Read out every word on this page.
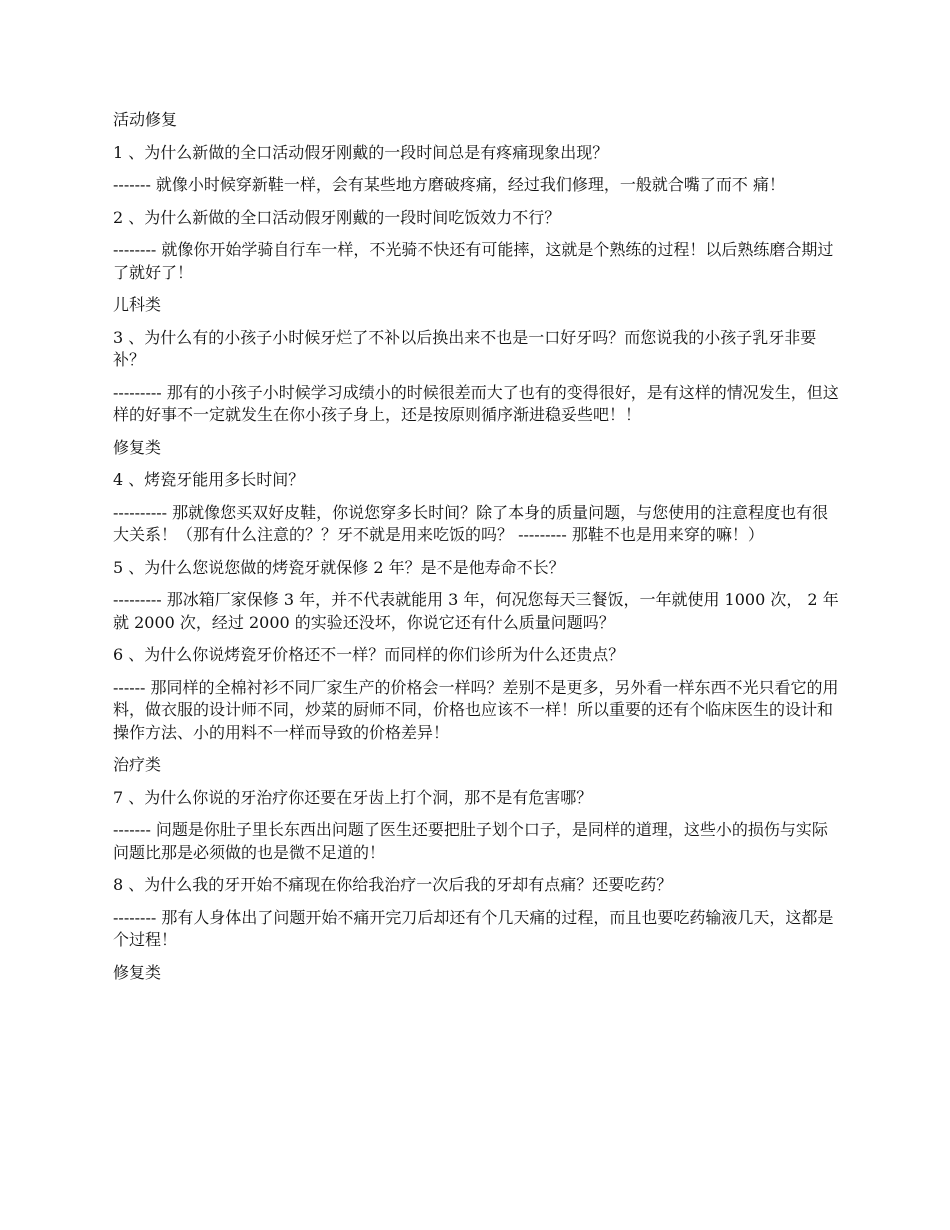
活动修复

1 、为什么新做的全口活动假牙刚戴的一段时间总是有疼痛现象出现？

------- 就像小时候穿新鞋一样，会有某些地方磨破疼痛，经过我们修理，一般就合嘴了而不 痛！

2 、为什么新做的全口活动假牙刚戴的一段时间吃饭效力不行？

-------- 就像你开始学骑自行车一样，不光骑不快还有可能摔，这就是个熟练的过程！以后熟练磨合期过了就好了！

儿科类

3 、为什么有的小孩子小时候牙烂了不补以后换出来不也是一口好牙吗？而您说我的小孩子乳牙非要补？

--------- 那有的小孩子小时候学习成绩小的时候很差而大了也有的变得很好，是有这样的情况发生，但这样的好事不一定就发生在你小孩子身上，还是按原则循序渐进稳妥些吧！！

修复类

4 、烤瓷牙能用多长时间？

---------- 那就像您买双好皮鞋，你说您穿多长时间？除了本身的质量问题，与您使用的注意程度也有很大关系！（那有什么注意的？？牙不就是用来吃饭的吗？ --------- 那鞋不也是用来穿的嘛！）

5 、为什么您说您做的烤瓷牙就保修 2 年？是不是他寿命不长？

--------- 那冰箱厂家保修 3 年，并不代表就能用 3 年，何况您每天三餐饭，一年就使用 1000 次， 2 年就 2000 次，经过 2000 的实验还没坏，你说它还有什么质量问题吗？

6 、为什么你说烤瓷牙价格还不一样？而同样的你们诊所为什么还贵点？

------ 那同样的全棉衬衫不同厂家生产的价格会一样吗？差别不是更多，另外看一样东西不光只看它的用料，做衣服的设计师不同，炒菜的厨师不同，价格也应该不一样！所以重要的还有个临床医生的设计和操作方法、小的用料不一样而导致的价格差异！

治疗类

7 、为什么你说的牙治疗你还要在牙齿上打个洞，那不是有危害哪？

------- 问题是你肚子里长东西出问题了医生还要把肚子划个口子，是同样的道理，这些小的损伤与实际问题比那是必须做的也是微不足道的！

8 、为什么我的牙开始不痛现在你给我治疗一次后我的牙却有点痛？还要吃药？

-------- 那有人身体出了问题开始不痛开完刀后却还有个几天痛的过程，而且也要吃药输液几天，这都是个过程！

修复类
